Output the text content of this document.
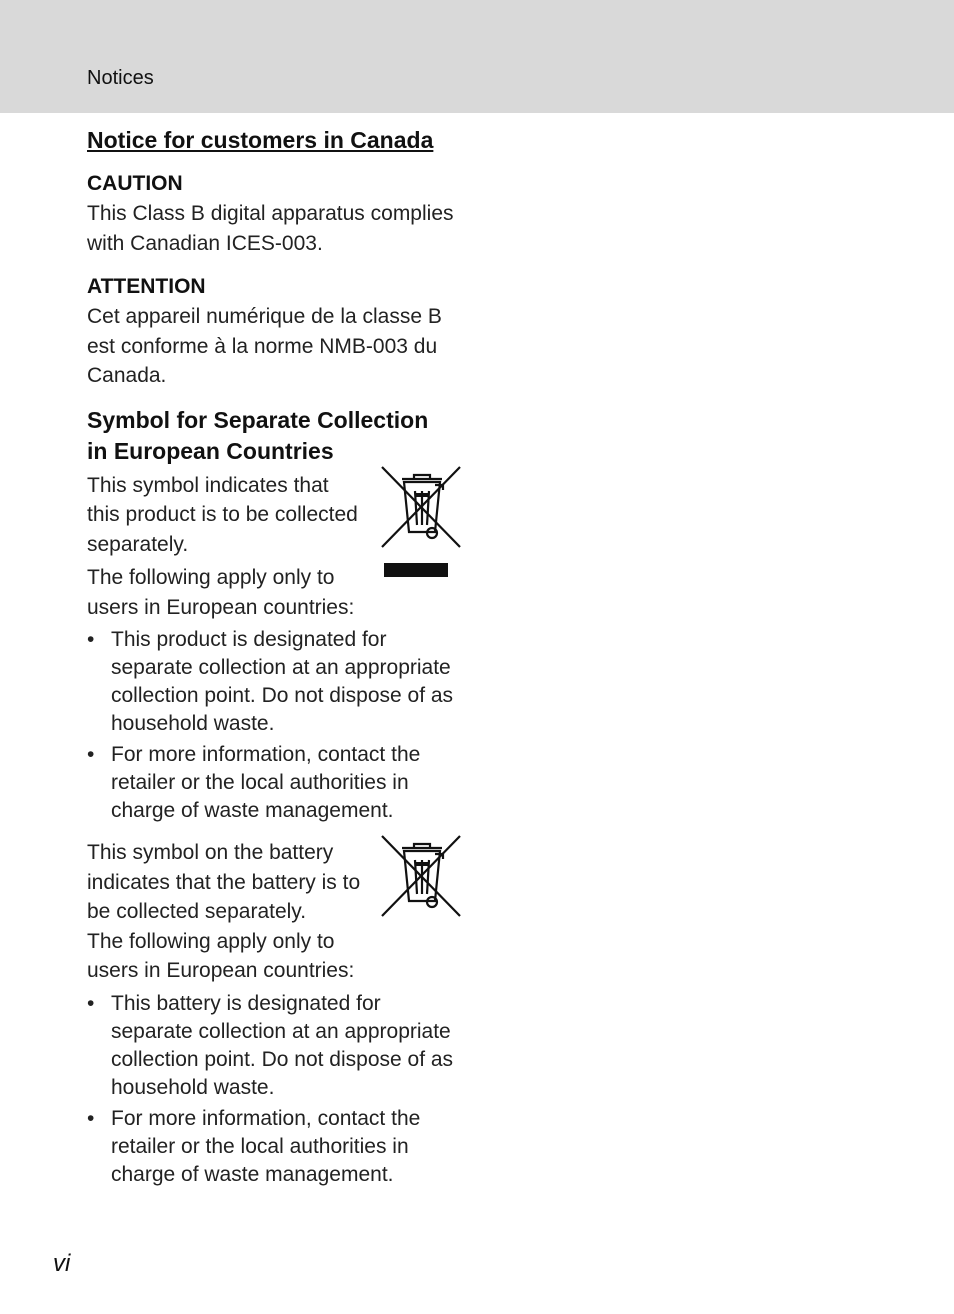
Notices
Notice for customers in Canada
CAUTION

This Class B digital apparatus complies with Canadian ICES-003.

ATTENTION

Cet appareil numérique de la classe B est conforme à la norme NMB-003 du Canada.

Symbol for Separate Collection
in European Countries

This symbol indicates that this product is to be collected separately.

The following apply only to users in European countries:

• This product is designated for separate collection at an appropriate collection point. Do not dispose of as household waste.
• For more information, contact the retailer or the local authorities in charge of waste management.

This symbol on the battery indicates that the battery is to be collected separately.

The following apply only to users in European countries:

• This battery is designated for separate collection at an appropriate collection point. Do not dispose of as household waste.
• For more information, contact the retailer or the local authorities in charge of waste management.
vi
